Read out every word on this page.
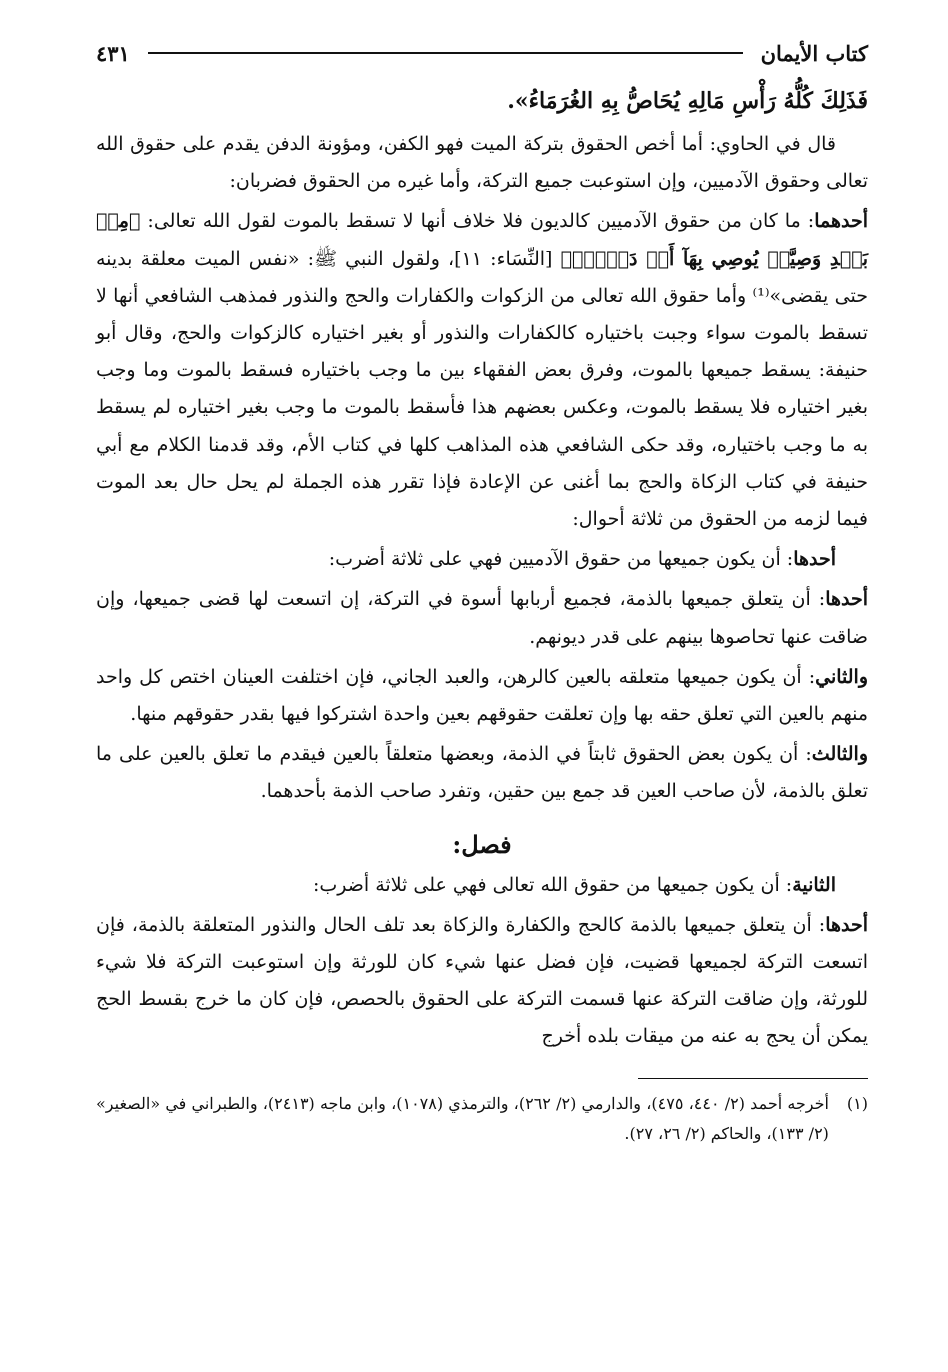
كتاب الأيمان
٤٣١
فَذَلِكَ كُلُّهُ رَأْسِ مَالِهِ يُحَاصُّ بِهِ الغُرَمَاءُ».

قال في الحاوي: أما أخص الحقوق بتركة الميت فهو الكفن، ومؤونة الدفن يقدم على حقوق الله تعالى وحقوق الآدميين، وإن استوعبت جميع التركة، وأما غيره من الحقوق فضربان:

أحدهما: ما كان من حقوق الآدميين كالديون فلا خلاف أنها لا تسقط بالموت لقول الله تعالى: ﴿مِنۢ بَعۡدِ وَصِيَّةٖ يُوصِي بِهَآ أَوۡ دَيۡنٍۗ﴾ [النِّسَاء: ١١]، ولقول النبي ﷺ: «نفس الميت معلقة بدينه حتى يقضى»⁽¹⁾ وأما حقوق الله تعالى من الزكوات والكفارات والحج والنذور فمذهب الشافعي أنها لا تسقط بالموت سواء وجبت باختياره كالكفارات والنذور أو بغير اختياره كالزكوات والحج، وقال أبو حنيفة: يسقط جميعها بالموت، وفرق بعض الفقهاء بين ما وجب باختياره فسقط بالموت وما وجب بغير اختياره فلا يسقط بالموت، وعكس بعضهم هذا فأسقط بالموت ما وجب بغير اختياره لم يسقط به ما وجب باختياره، وقد حكى الشافعي هذه المذاهب كلها في كتاب الأم، وقد قدمنا الكلام مع أبي حنيفة في كتاب الزكاة والحج بما أغنى عن الإعادة فإذا تقرر هذه الجملة لم يحل حال بعد الموت فيما لزمه من الحقوق من ثلاثة أحوال:

أحدها: أن يكون جميعها من حقوق الآدميين فهي على ثلاثة أضرب:

أحدها: أن يتعلق جميعها بالذمة، فجميع أربابها أسوة في التركة، إن اتسعت لها قضى جميعها، وإن ضاقت عنها تحاصوها بينهم على قدر ديونهم.

والثاني: أن يكون جميعها متعلقه بالعين كالرهن، والعبد الجاني، فإن اختلفت العينان اختص كل واحد منهم بالعين التي تعلق حقه بها وإن تعلقت حقوقهم بعين واحدة اشتركوا فيها بقدر حقوقهم منها.

والثالث: أن يكون بعض الحقوق ثابتاً في الذمة، وبعضها متعلقاً بالعين فيقدم ما تعلق بالعين على ما تعلق بالذمة، لأن صاحب العين قد جمع بين حقين، وتفرد صاحب الذمة بأحدهما.

فصل:

الثانية: أن يكون جميعها من حقوق الله تعالى فهي على ثلاثة أضرب:

أحدها: أن يتعلق جميعها بالذمة كالحج والكفارة والزكاة بعد تلف الحال والنذور المتعلقة بالذمة، فإن اتسعت التركة لجميعها قضيت، فإن فضل عنها شيء كان للورثة وإن استوعبت التركة فلا شيء للورثة، وإن ضاقت التركة عنها قسمت التركة على الحقوق بالحصص، فإن كان ما خرج بقسط الحج يمكن أن يحج به عنه من ميقات بلده أخرج

(١)
أخرجه أحمد (٢/ ٤٤٠، ٤٧٥)، والدارمي (٢/ ٢٦٢)، والترمذي (١٠٧٨)، وابن ماجه (٢٤١٣)، والطبراني في «الصغير» (٢/ ١٣٣)، والحاكم (٢/ ٢٦، ٢٧).
